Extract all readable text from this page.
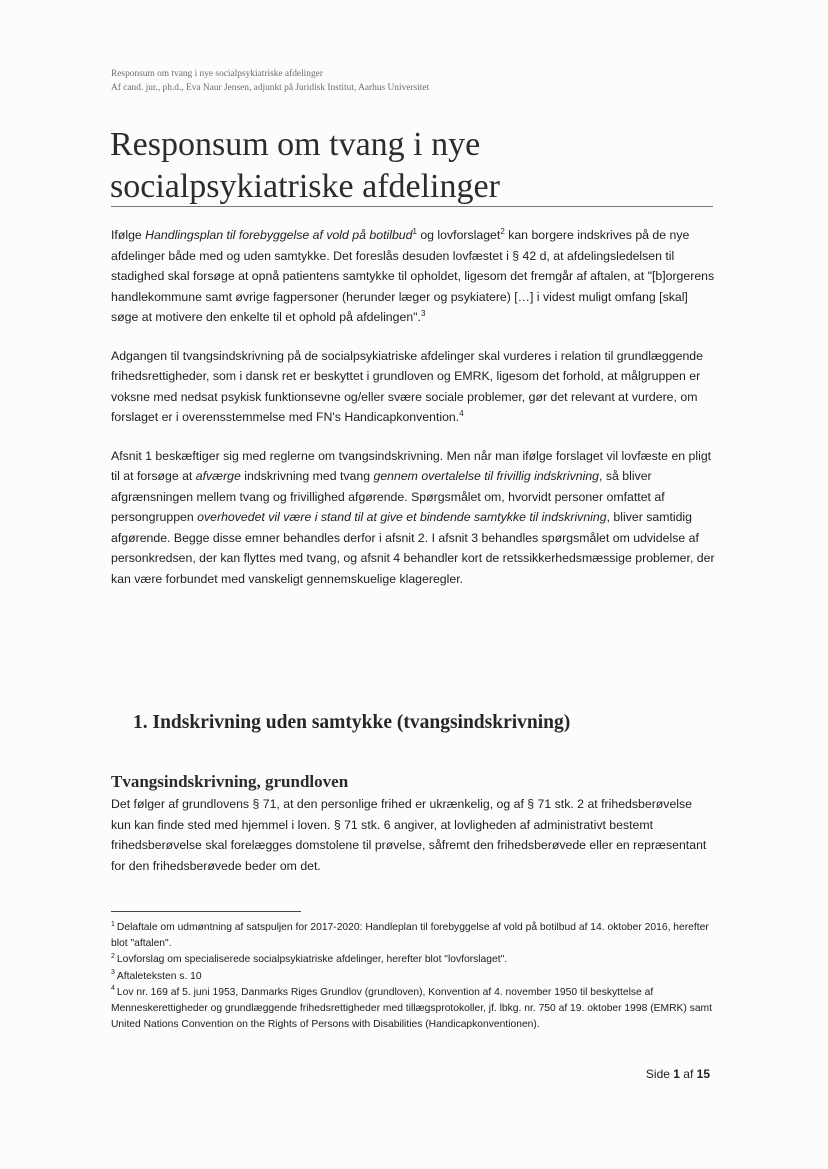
Responsum om tvang i nye socialpsykiatriske afdelinger
Af cand. jur., ph.d., Eva Naur Jensen, adjunkt på Juridisk Institut, Aarhus Universitet
Responsum om tvang i nye
socialpsykiatriske afdelinger

Ifølge Handlingsplan til forebyggelse af vold på botilbud$^1$ og lovforslaget$^2$ kan borgere indskrives på de nye afdelinger både med og uden samtykke. Det foreslås desuden lovfæstet i § 42 d, at afdelingsledelsen til stadighed skal forsøge at opnå patientens samtykke til opholdet, ligesom det fremgår af aftalen, at "[b]orgerens handlekommune samt øvrige fagpersoner (herunder læger og psykiatere) […] i videst muligt omfang [skal] søge at motivere den enkelte til et ophold på afdelingen".$^3$

Adgangen til tvangsindskrivning på de socialpsykiatriske afdelinger skal vurderes i relation til grundlæggende frihedsrettigheder, som i dansk ret er beskyttet i grundloven og EMRK, ligesom det forhold, at målgruppen er voksne med nedsat psykisk funktionsevne og/eller svære sociale problemer, gør det relevant at vurdere, om forslaget er i overensstemmelse med FN's Handicapkonvention.$^4$

Afsnit 1 beskæftiger sig med reglerne om tvangsindskrivning. Men når man ifølge forslaget vil lovfæste en pligt til at forsøge at afværge indskrivning med tvang gennem overtalelse til frivillig indskrivning, så bliver afgrænsningen mellem tvang og frivillighed afgørende. Spørgsmålet om, hvorvidt personer omfattet af persongruppen overhovedet vil være i stand til at give et bindende samtykke til indskrivning, bliver samtidig afgørende. Begge disse emner behandles derfor i afsnit 2. I afsnit 3 behandles spørgsmålet om udvidelse af personkredsen, der kan flyttes med tvang, og afsnit 4 behandler kort de retssikkerhedsmæssige problemer, der kan være forbundet med vanskeligt gennemskuelige klageregler.

1. Indskrivning uden samtykke (tvangsindskrivning)
Tvangsindskrivning, grundloven

Det følger af grundlovens § 71, at den personlige frihed er ukrænkelig, og af § 71 stk. 2 at frihedsberøvelse kun kan finde sted med hjemmel i loven. § 71 stk. 6 angiver, at lovligheden af administrativt bestemt frihedsberøvelse skal forelægges domstolene til prøvelse, såfremt den frihedsberøvede eller en repræsentant for den frihedsberøvede beder om det.

$^1$ Delaftale om udmøntning af satspuljen for 2017-2020: Handleplan til forebyggelse af vold på botilbud af 14. oktober 2016, herefter blot "aftalen".
$^2$ Lovforslag om specialiserede socialpsykiatriske afdelinger, herefter blot "lovforslaget".
$^3$ Aftaleteksten s. 10
$^4$ Lov nr. 169 af 5. juni 1953, Danmarks Riges Grundlov (grundloven), Konvention af 4. november 1950 til beskyttelse af Menneskerettigheder og grundlæggende frihedsrettigheder med tillægsprotokoller, jf. lbkg. nr. 750 af 19. oktober 1998 (EMRK) samt United Nations Convention on the Rights of Persons with Disabilities (Handicapkonventionen).
Side 1 af 15
